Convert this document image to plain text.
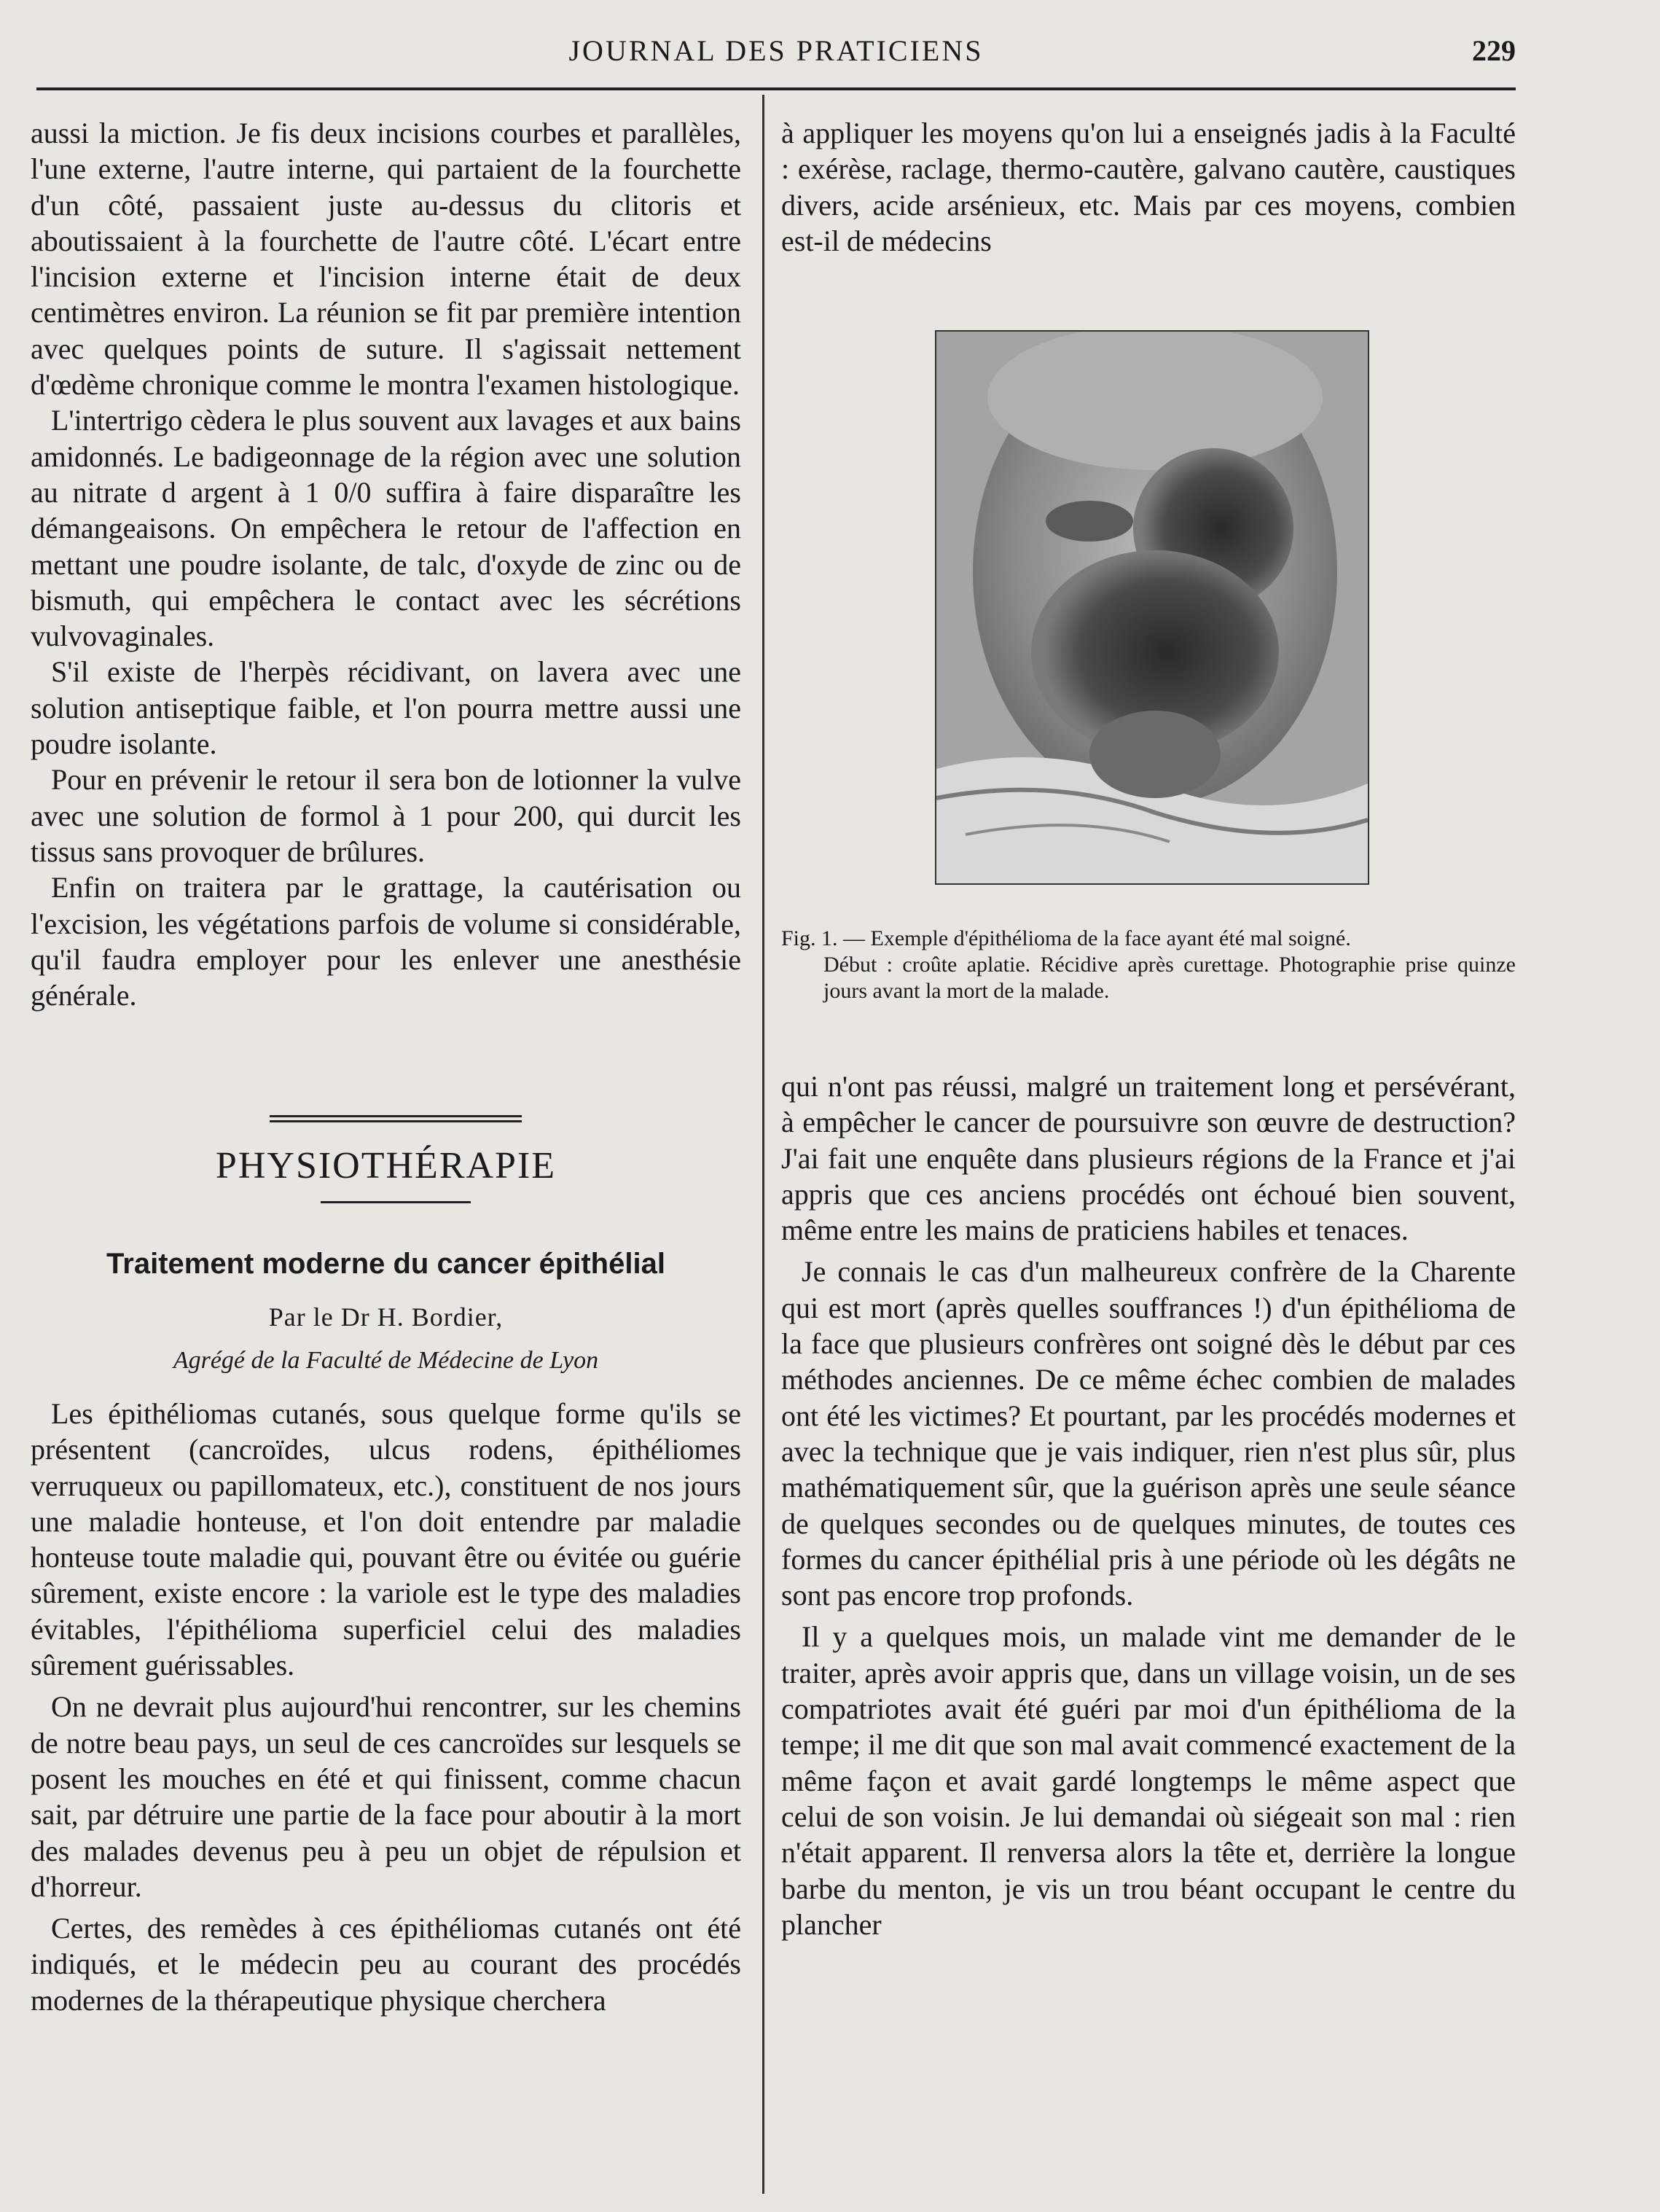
JOURNAL DES PRATICIENS	229

aussi la miction. Je fis deux incisions courbes et parallèles, l'une externe, l'autre interne, qui partaient de la fourchette d'un côté, passaient juste au-dessus du clitoris et aboutissaient à la fourchette de l'autre côté. L'écart entre l'incision externe et l'incision interne était de deux centimètres environ. La réunion se fit par première intention avec quelques points de suture. Il s'agissait nettement d'œdème chronique comme le montra l'examen histologique.

L'intertrigo cèdera le plus souvent aux lavages et aux bains amidonnés. Le badigeonnage de la région avec une solution au nitrate d argent à 1 0/0 suffira à faire disparaître les démangeaisons. On empêchera le retour de l'affection en mettant une poudre isolante, de talc, d'oxyde de zinc ou de bismuth, qui empêchera le contact avec les sécrétions vulvovaginales.

S'il existe de l'herpès récidivant, on lavera avec une solution antiseptique faible, et l'on pourra mettre aussi une poudre isolante.

Pour en prévenir le retour il sera bon de lotionner la vulve avec une solution de formol à 1 pour 200, qui durcit les tissus sans provoquer de brûlures.

Enfin on traitera par le grattage, la cautérisation ou l'excision, les végétations parfois de volume si considérable, qu'il faudra employer pour les enlever une anesthésie générale.

PHYSIOTHÉRAPIE
Traitement moderne du cancer épithélial
Par le Dr H. Bordier,
Agrégé de la Faculté de Médecine de Lyon

Les épithéliomas cutanés, sous quelque forme qu'ils se présentent (cancroïdes, ulcus rodens, épithéliomes verruqueux ou papillomateux, etc.), constituent de nos jours une maladie honteuse, et l'on doit entendre par maladie honteuse toute maladie qui, pouvant être ou évitée ou guérie sûrement, existe encore : la variole est le type des maladies évitables, l'épithélioma superficiel celui des maladies sûrement guérissables.

On ne devrait plus aujourd'hui rencontrer, sur les chemins de notre beau pays, un seul de ces cancroïdes sur lesquels se posent les mouches en été et qui finissent, comme chacun sait, par détruire une partie de la face pour aboutir à la mort des malades devenus peu à peu un objet de répulsion et d'horreur.

Certes, des remèdes à ces épithéliomas cutanés ont été indiqués, et le médecin peu au courant des procédés modernes de la thérapeutique physique cherchera

à appliquer les moyens qu'on lui a enseignés jadis à la Faculté : exérèse, raclage, thermo-cautère, galvano cautère, caustiques divers, acide arsénieux, etc. Mais par ces moyens, combien est-il de médecins

Fig. 1. — Exemple d'épithélioma de la face ayant été mal soigné.
Début : croûte aplatie. Récidive après curettage. Photographie prise quinze jours avant la mort de la malade.

qui n'ont pas réussi, malgré un traitement long et persévérant, à empêcher le cancer de poursuivre son œuvre de destruction? J'ai fait une enquête dans plusieurs régions de la France et j'ai appris que ces anciens procédés ont échoué bien souvent, même entre les mains de praticiens habiles et tenaces.

Je connais le cas d'un malheureux confrère de la Charente qui est mort (après quelles souffrances !) d'un épithélioma de la face que plusieurs confrères ont soigné dès le début par ces méthodes anciennes. De ce même échec combien de malades ont été les victimes? Et pourtant, par les procédés modernes et avec la technique que je vais indiquer, rien n'est plus sûr, plus mathématiquement sûr, que la guérison après une seule séance de quelques secondes ou de quelques minutes, de toutes ces formes du cancer épithélial pris à une période où les dégâts ne sont pas encore trop profonds.

Il y a quelques mois, un malade vint me demander de le traiter, après avoir appris que, dans un village voisin, un de ses compatriotes avait été guéri par moi d'un épithélioma de la tempe; il me dit que son mal avait commencé exactement de la même façon et avait gardé longtemps le même aspect que celui de son voisin. Je lui demandai où siégeait son mal : rien n'était apparent. Il renversa alors la tête et, derrière la longue barbe du menton, je vis un trou béant occupant le centre du plancher
